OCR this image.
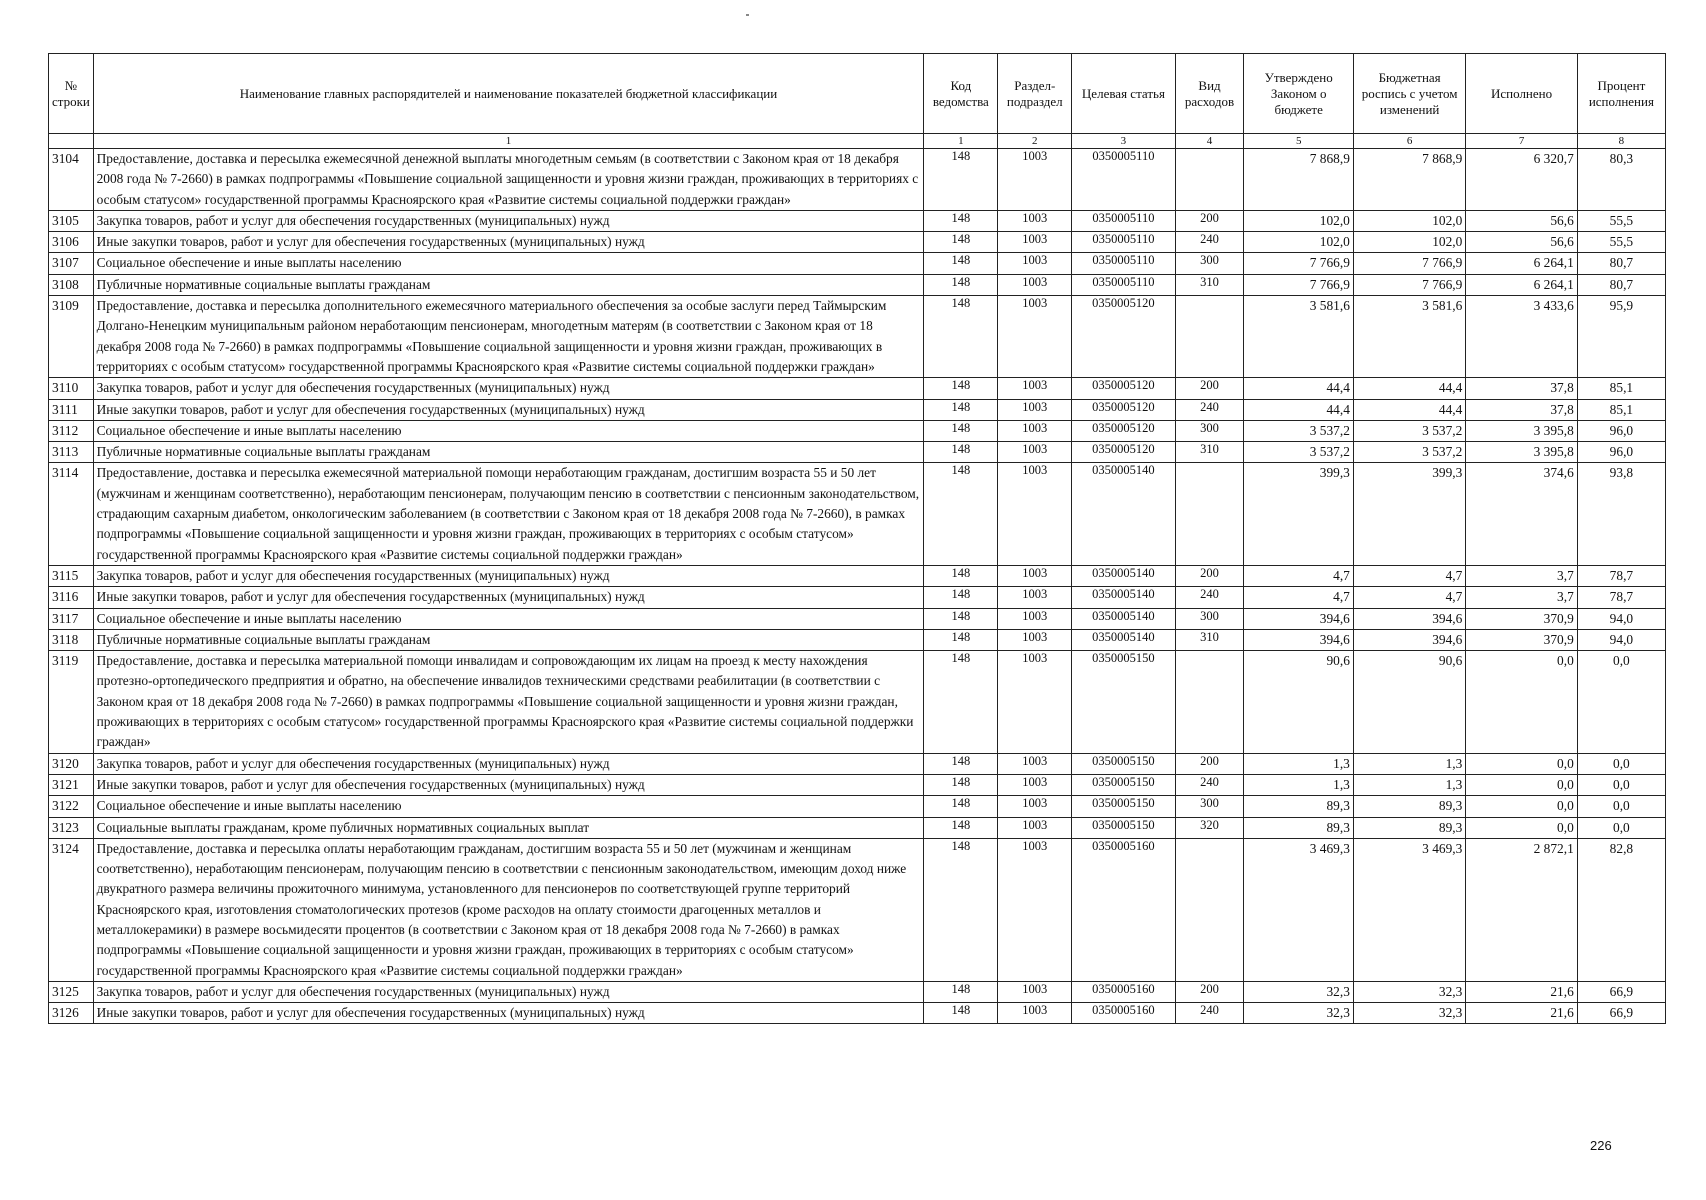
№ строки	Наименование главных распорядителей и наименование показателей бюджетной классификации	Код ведомства	Раздел-подраздел	Целевая статья	Вид расходов	Утверждено Законом о бюджете	Бюджетная роспись с учетом изменений	Исполнено	Процент исполнения
	1	1	2	3	4	5	6	7	8
3104	Предоставление, доставка и пересылка ежемесячной денежной выплаты многодетным семьям (в соответствии с Законом края от 18 декабря 2008 года № 7-2660) в рамках подпрограммы «Повышение социальной защищенности и уровня жизни граждан, проживающих в территориях с особым статусом» государственной программы Красноярского края «Развитие системы социальной поддержки граждан»	148	1003	0350005110		7 868,9	7 868,9	6 320,7	80,3
3105	Закупка товаров, работ и услуг для обеспечения государственных (муниципальных) нужд	148	1003	0350005110	200	102,0	102,0	56,6	55,5
3106	Иные закупки товаров, работ и услуг для обеспечения государственных (муниципальных) нужд	148	1003	0350005110	240	102,0	102,0	56,6	55,5
3107	Социальное обеспечение и иные выплаты населению	148	1003	0350005110	300	7 766,9	7 766,9	6 264,1	80,7
3108	Публичные нормативные социальные выплаты гражданам	148	1003	0350005110	310	7 766,9	7 766,9	6 264,1	80,7
3109	Предоставление, доставка и пересылка дополнительного ежемесячного материального обеспечения за особые заслуги перед Таймырским Долгано-Ненецким муниципальным районом неработающим пенсионерам, многодетным матерям (в соответствии с Законом края от 18 декабря 2008 года № 7-2660) в рамках подпрограммы «Повышение социальной защищенности и уровня жизни граждан, проживающих в территориях с особым статусом» государственной программы Красноярского края «Развитие системы социальной поддержки граждан»	148	1003	0350005120		3 581,6	3 581,6	3 433,6	95,9
3110	Закупка товаров, работ и услуг для обеспечения государственных (муниципальных) нужд	148	1003	0350005120	200	44,4	44,4	37,8	85,1
3111	Иные закупки товаров, работ и услуг для обеспечения государственных (муниципальных) нужд	148	1003	0350005120	240	44,4	44,4	37,8	85,1
3112	Социальное обеспечение и иные выплаты населению	148	1003	0350005120	300	3 537,2	3 537,2	3 395,8	96,0
3113	Публичные нормативные социальные выплаты гражданам	148	1003	0350005120	310	3 537,2	3 537,2	3 395,8	96,0
3114	Предоставление, доставка и пересылка ежемесячной материальной помощи неработающим гражданам, достигшим возраста 55 и 50 лет (мужчинам и женщинам соответственно), неработающим пенсионерам, получающим пенсию в соответствии с пенсионным законодательством, страдающим сахарным диабетом, онкологическим заболеванием (в соответствии с Законом края от 18 декабря 2008 года № 7-2660), в рамках подпрограммы «Повышение социальной защищенности и уровня жизни граждан, проживающих в территориях с особым статусом» государственной программы Красноярского края «Развитие системы социальной поддержки граждан»	148	1003	0350005140		399,3	399,3	374,6	93,8
3115	Закупка товаров, работ и услуг для обеспечения государственных (муниципальных) нужд	148	1003	0350005140	200	4,7	4,7	3,7	78,7
3116	Иные закупки товаров, работ и услуг для обеспечения государственных (муниципальных) нужд	148	1003	0350005140	240	4,7	4,7	3,7	78,7
3117	Социальное обеспечение и иные выплаты населению	148	1003	0350005140	300	394,6	394,6	370,9	94,0
3118	Публичные нормативные социальные выплаты гражданам	148	1003	0350005140	310	394,6	394,6	370,9	94,0
3119	Предоставление, доставка и пересылка материальной помощи инвалидам и сопровождающим их лицам на проезд к месту нахождения протезно-ортопедического предприятия и обратно, на обеспечение инвалидов техническими средствами реабилитации (в соответствии с Законом края от 18 декабря 2008 года № 7-2660) в рамках подпрограммы «Повышение социальной защищенности и уровня жизни граждан, проживающих в территориях с особым статусом» государственной программы Красноярского края «Развитие системы социальной поддержки граждан»	148	1003	0350005150		90,6	90,6	0,0	0,0
3120	Закупка товаров, работ и услуг для обеспечения государственных (муниципальных) нужд	148	1003	0350005150	200	1,3	1,3	0,0	0,0
3121	Иные закупки товаров, работ и услуг для обеспечения государственных (муниципальных) нужд	148	1003	0350005150	240	1,3	1,3	0,0	0,0
3122	Социальное обеспечение и иные выплаты населению	148	1003	0350005150	300	89,3	89,3	0,0	0,0
3123	Социальные выплаты гражданам, кроме публичных нормативных социальных выплат	148	1003	0350005150	320	89,3	89,3	0,0	0,0
3124	Предоставление, доставка и пересылка оплаты неработающим гражданам, достигшим возраста 55 и 50 лет (мужчинам и женщинам соответственно), неработающим пенсионерам, получающим пенсию в соответствии с пенсионным законодательством, имеющим доход ниже двукратного размера величины прожиточного минимума, установленного для пенсионеров по соответствующей группе территорий Красноярского края, изготовления стоматологических протезов (кроме расходов на оплату стоимости драгоценных металлов и металлокерамики) в размере восьмидесяти процентов (в соответствии с Законом края от 18 декабря 2008 года № 7-2660) в рамках подпрограммы «Повышение социальной защищенности и уровня жизни граждан, проживающих в территориях с особым статусом» государственной программы Красноярского края «Развитие системы социальной поддержки граждан»	148	1003	0350005160		3 469,3	3 469,3	2 872,1	82,8
3125	Закупка товаров, работ и услуг для обеспечения государственных (муниципальных) нужд	148	1003	0350005160	200	32,3	32,3	21,6	66,9
3126	Иные закупки товаров, работ и услуг для обеспечения государственных (муниципальных) нужд	148	1003	0350005160	240	32,3	32,3	21,6	66,9
226
